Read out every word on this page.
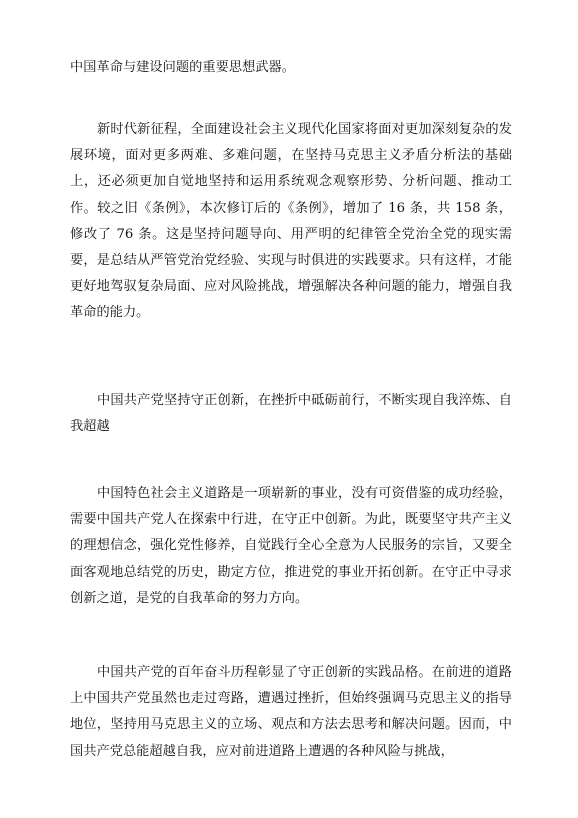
中国革命与建设问题的重要思想武器。

新时代新征程，全面建设社会主义现代化国家将面对更加深刻复杂的发展环境，面对更多两难、多难问题，在坚持马克思主义矛盾分析法的基础上，还必须更加自觉地坚持和运用系统观念观察形势、分析问题、推动工作。较之旧《条例》，本次修订后的《条例》，增加了 16 条，共 158 条，修改了 76 条。这是坚持问题导向、用严明的纪律管全党治全党的现实需要，是总结从严管党治党经验、实现与时俱进的实践要求。只有这样，才能更好地驾驭复杂局面、应对风险挑战，增强解决各种问题的能力，增强自我革命的能力。

中国共产党坚持守正创新，在挫折中砥砺前行，不断实现自我淬炼、自我超越

中国特色社会主义道路是一项崭新的事业，没有可资借鉴的成功经验，需要中国共产党人在探索中行进，在守正中创新。为此，既要坚守共产主义的理想信念，强化党性修养，自觉践行全心全意为人民服务的宗旨，又要全面客观地总结党的历史，勘定方位，推进党的事业开拓创新。在守正中寻求创新之道，是党的自我革命的努力方向。

中国共产党的百年奋斗历程彰显了守正创新的实践品格。在前进的道路上中国共产党虽然也走过弯路，遭遇过挫折，但始终强调马克思主义的指导地位，坚持用马克思主义的立场、观点和方法去思考和解决问题。因而，中国共产党总能超越自我，应对前进道路上遭遇的各种风险与挑战，
